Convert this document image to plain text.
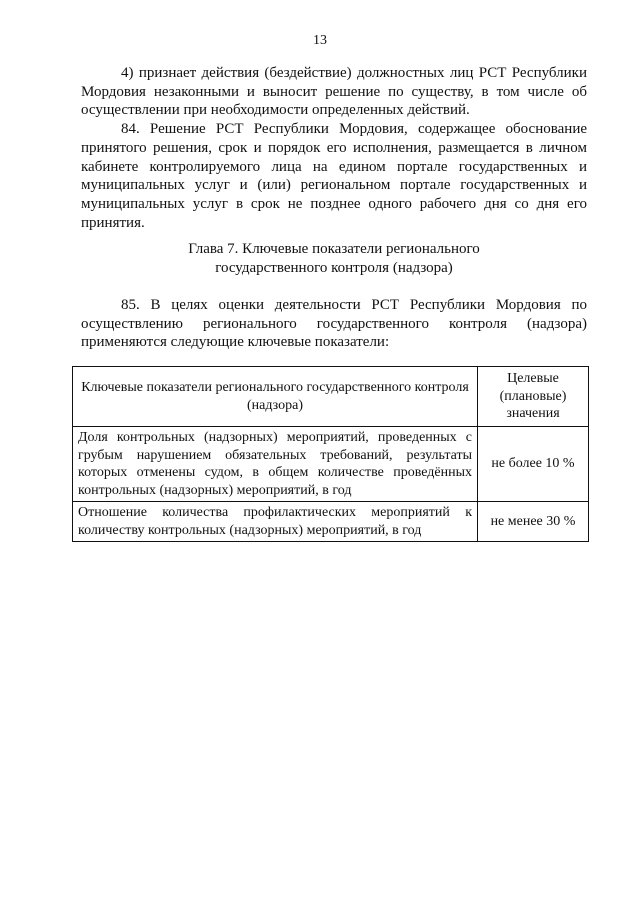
13

4) признает действия (бездействие) должностных лиц РСТ Республики Мордовия незаконными и выносит решение по существу, в том числе об осуществлении при необходимости определенных действий.

84. Решение РСТ Республики Мордовия, содержащее обоснование принятого решения, срок и порядок его исполнения, размещается в личном кабинете контролируемого лица на едином портале государственных и муниципальных услуг и (или) региональном портале государственных и муниципальных услуг в срок не позднее одного рабочего дня со дня его принятия.

Глава 7. Ключевые показатели регионального
государственного контроля (надзора)

85. В целях оценки деятельности РСТ Республики Мордовия по осуществлению регионального государственного контроля (надзора) применяются следующие ключевые показатели:

Ключевые показатели регионального государственного контроля (надзора)	Целевые (плановые) значения
Доля контрольных (надзорных) мероприятий, проведенных с грубым нарушением обязательных требований, результаты которых отменены судом, в общем количестве проведённых контрольных (надзорных) мероприятий, в год	не более 10 %
Отношение количества профилактических мероприятий к количеству контрольных (надзорных) мероприятий, в год	не менее 30 %
